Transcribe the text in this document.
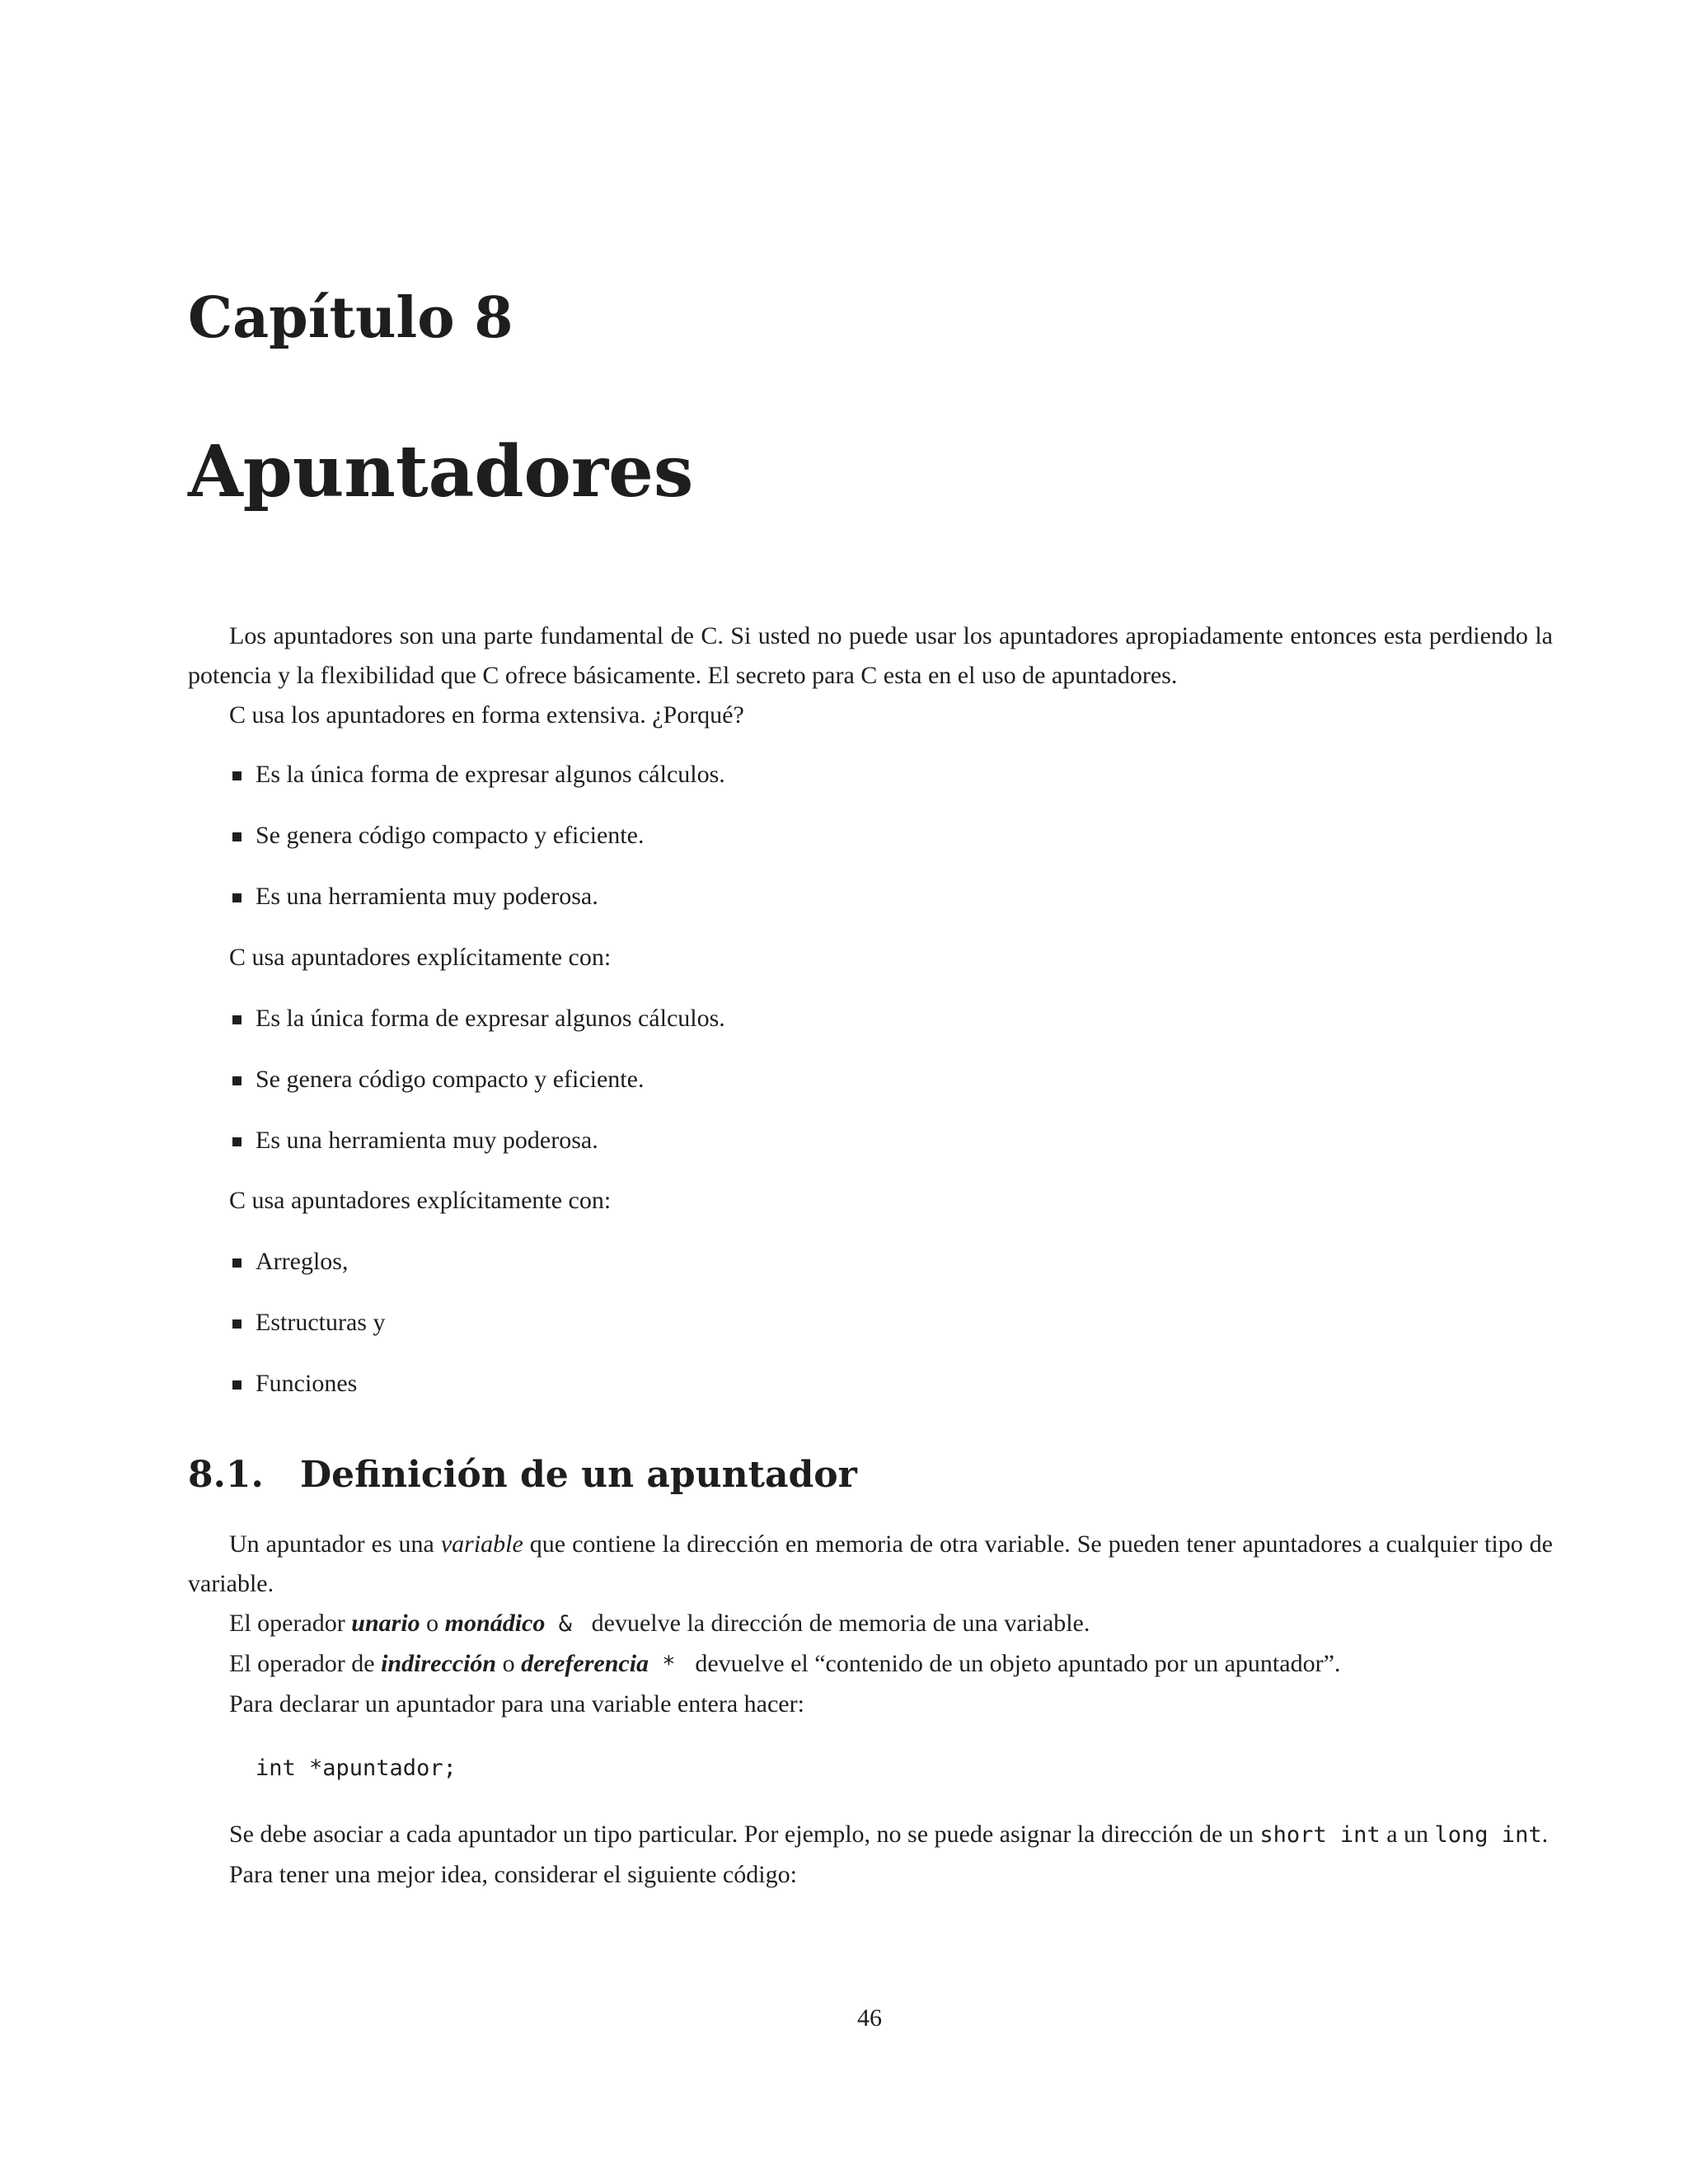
Capítulo 8
Apuntadores

Los apuntadores son una parte fundamental de C. Si usted no puede usar los apuntadores apropiadamente entonces esta perdiendo la potencia y la flexibilidad que C ofrece básicamente. El secreto para C esta en el uso de apuntadores.

C usa los apuntadores en forma extensiva. ¿Porqué?

Es la única forma de expresar algunos cálculos.
Se genera código compacto y eficiente.
Es una herramienta muy poderosa.

C usa apuntadores explícitamente con:

Es la única forma de expresar algunos cálculos.
Se genera código compacto y eficiente.
Es una herramienta muy poderosa.

C usa apuntadores explícitamente con:

Arreglos,
Estructuras y
Funciones
8.1. Definición de un apuntador

Un apuntador es una variable que contiene la dirección en memoria de otra variable. Se pueden tener apuntadores a cualquier tipo de variable.

El operador unario o monádico &  devuelve la dirección de memoria de una variable.

El operador de indirección o dereferencia *  devuelve el “contenido de un objeto apuntado por un apuntador”.

Para declarar un apuntador para una variable entera hacer:

int *apuntador;

Se debe asociar a cada apuntador un tipo particular. Por ejemplo, no se puede asignar la dirección de un short int a un long int.

Para tener una mejor idea, considerar el siguiente código:

46
